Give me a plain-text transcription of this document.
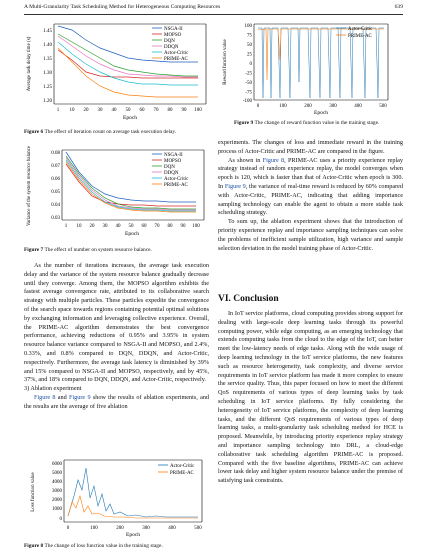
A Multi-Granularity Task Scheduling Method for Heterogeneous Computing Resources	639
Average task delay time (s)
1.45
1.40
1.35
1.30
1.25
1.20
1 10 20 30 40 50 60 70 80 90 100
Epoch
NSGA-II
MOPSO
DQN
DDQN
Actor-Critic
PRIME-AC
Figure 6 The effect of iteration count on average task execution delay.
Variance of the system resource balance	0.08
0.07
0.06
0.05
0.04
0.03
1 10 20 30 40 50 60 70 80 90 100
Epoch
NSGA-II
MOPSO
DQN
DDQN
Actor-Critic
PRIME-AC
Figure 7 The effect of number on system resource balance.

As the number of iterations increases, the average task execution delay and the variance of the system resource balance gradually decrease until they converge. Among them, the MOPSO algorithm exhibits the fastest average convergence rate, attributed to its collaborative search strategy with multiple particles. These particles expedite the convergence of the search space towards regions containing potential optimal solutions by exchanging information and leveraging collective experience. Overall, the PRIME-AC algorithm demonstrates the best convergence performance, achieving reductions of 0.95% and 3.95% in system resource balance variance compared to NSGA-II and MOPSO, and 2.4%, 0.33%, and 0.8% compared to DQN, DDQN, and Actor-Critic, respectively. Furthermore, the average task latency is diminished by 39% and 15% compared to NSGA-II and MOPSO, respectively, and by 45%, 37%, and 18% compared to DQN, DDQN, and Actor-Critic, respectively.

3) Ablation experiment

Figure 8 and Figure 9 show the results of ablation experiments, and the results are the average of five ablation

Loss function value
6000
5000
4000
3000
2000
1000
0
0	100	200	300	400	500
Epoch
Actor-Critic
PRIME-AC
Figure 8 The change of loss function value in the training stage.
Reward function value
100
75
50
25
0
-25
-50
-75
-100
0	100	200	300	400	500
Epoch
Actor-Critic
PRIME-AC
Figure 9 The change of reward function value in the training stage.

experiments. The changes of loss and immediate reward in the training process of Actor-Critic and PRIME-AC are compared in the figure.

As shown in Figure 8, PRIME-AC uses a priority experience replay strategy instead of random experience replay, the model converges when epoch is 120, which is faster than that of Actor-Critic when epoch is 300. In Figure 9, the variance of real-time reward is reduced by 60% compared with Actor-Critic, PRIME-AC, indicating that adding importance sampling technology can enable the agent to obtain a more stable task scheduling strategy.

To sum up, the ablation experiment shows that the introduction of priority experience replay and importance sampling techniques can solve the problems of inefficient sample utilization, high variance and sample selection deviation in the model training phase of Actor-Critic.

VI. Conclusion

In IoT service platforms, cloud computing provides strong support for dealing with large-scale deep learning tasks through its powerful computing power, while edge computing, as an emerging technology that extends computing tasks from the cloud to the edge of the IoT, can better meet the low-latency needs of edge tasks. Along with the wide usage of deep learning technology in the IoT service platforms, the new features such as resource heterogeneity, task complexity, and diverse service requirements in IoT service platform has made it more complex to ensure the service quality. Thus, this paper focused on how to meet the different QoS requirements of various types of deep learning tasks by task scheduling in IoT service platforms. By fully considering the heterogeneity of IoT service platforms, the complexity of deep learning tasks, and the different QoS requirements of various types of deep learning tasks, a multi-granularity task scheduling method for HCE is proposed. Meanwhile, by introducing priority experience replay strategy and importance sampling technology into DRL, a cloud-edge collaborative task scheduling algorithm PRIME-AC is proposed. Compared with the five baseline algorithms, PRIME-AC can achieve lower task delay and higher system resource balance under the premise of satisfying task constraints.
